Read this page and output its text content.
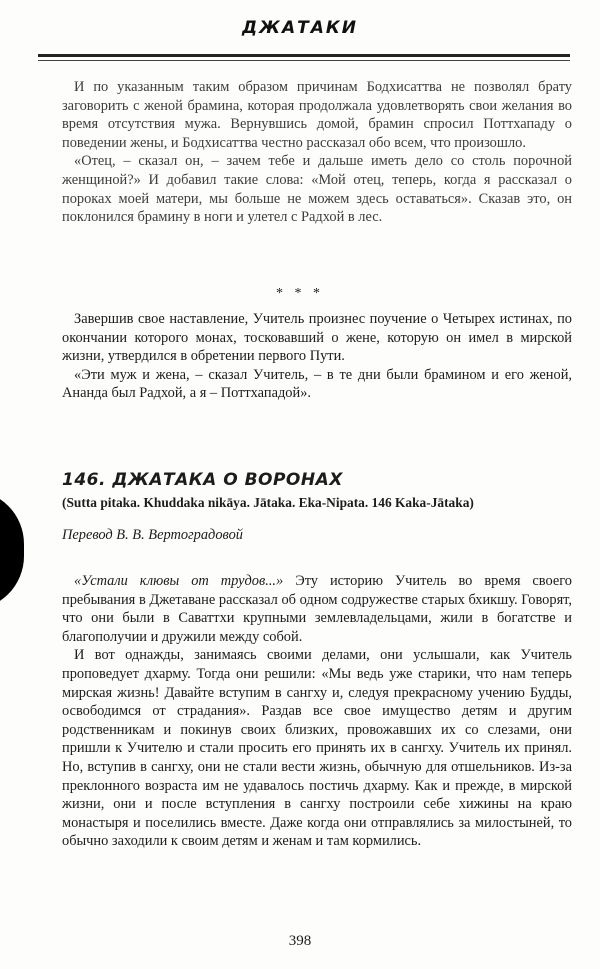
ДЖАТАКИ

И по указанным таким образом причинам Бодхисаттва не позволял брату заговорить с женой брамина, которая продолжала удовлетворять свои желания во время отсутствия мужа. Вернувшись домой, брамин спросил Поттхападу о поведении жены, и Бодхисаттва честно рассказал обо всем, что произошло.

«Отец, – сказал он, – зачем тебе и дальше иметь дело со столь порочной женщиной?» И добавил такие слова: «Мой отец, теперь, когда я рассказал о пороках моей матери, мы больше не можем здесь оставаться». Сказав это, он поклонился брамину в ноги и улетел с Радхой в лес.

* * *

Завершив свое наставление, Учитель произнес поучение о Четырех истинах, по окончании которого монах, тосковавший о жене, которую он имел в мирской жизни, утвердился в обретении первого Пути.

«Эти муж и жена, – сказал Учитель, – в те дни были брамином и его женой, Ананда был Радхой, а я – Поттхападой».

146. ДЖАТАКА О ВОРОНАХ
(Sutta pitaka. Khuddaka nikāya. Jātaka. Eka-Nipata. 146 Kaka-Jātaka)
Перевод В. В. Вертоградовой

«Устали клювы от трудов...» Эту историю Учитель во время своего пребывания в Джетаване рассказал об одном содружестве старых бхикшу. Говорят, что они были в Саваттхи крупными землевладельцами, жили в богатстве и благополучии и дружили между собой.

И вот однажды, занимаясь своими делами, они услышали, как Учитель проповедует дхарму. Тогда они решили: «Мы ведь уже старики, что нам теперь мирская жизнь! Давайте вступим в сангху и, следуя прекрасному учению Будды, освободимся от страдания». Раздав все свое имущество детям и другим родственникам и покинув своих близких, провожавших их со слезами, они пришли к Учителю и стали просить его принять их в сангху. Учитель их принял. Но, вступив в сангху, они не стали вести жизнь, обычную для отшельников. Из-за преклонного возраста им не удавалось постичь дхарму. Как и прежде, в мирской жизни, они и после вступления в сангху построили себе хижины на краю монастыря и поселились вместе. Даже когда они отправлялись за милостыней, то обычно заходили к своим детям и женам и там кормились.

398
